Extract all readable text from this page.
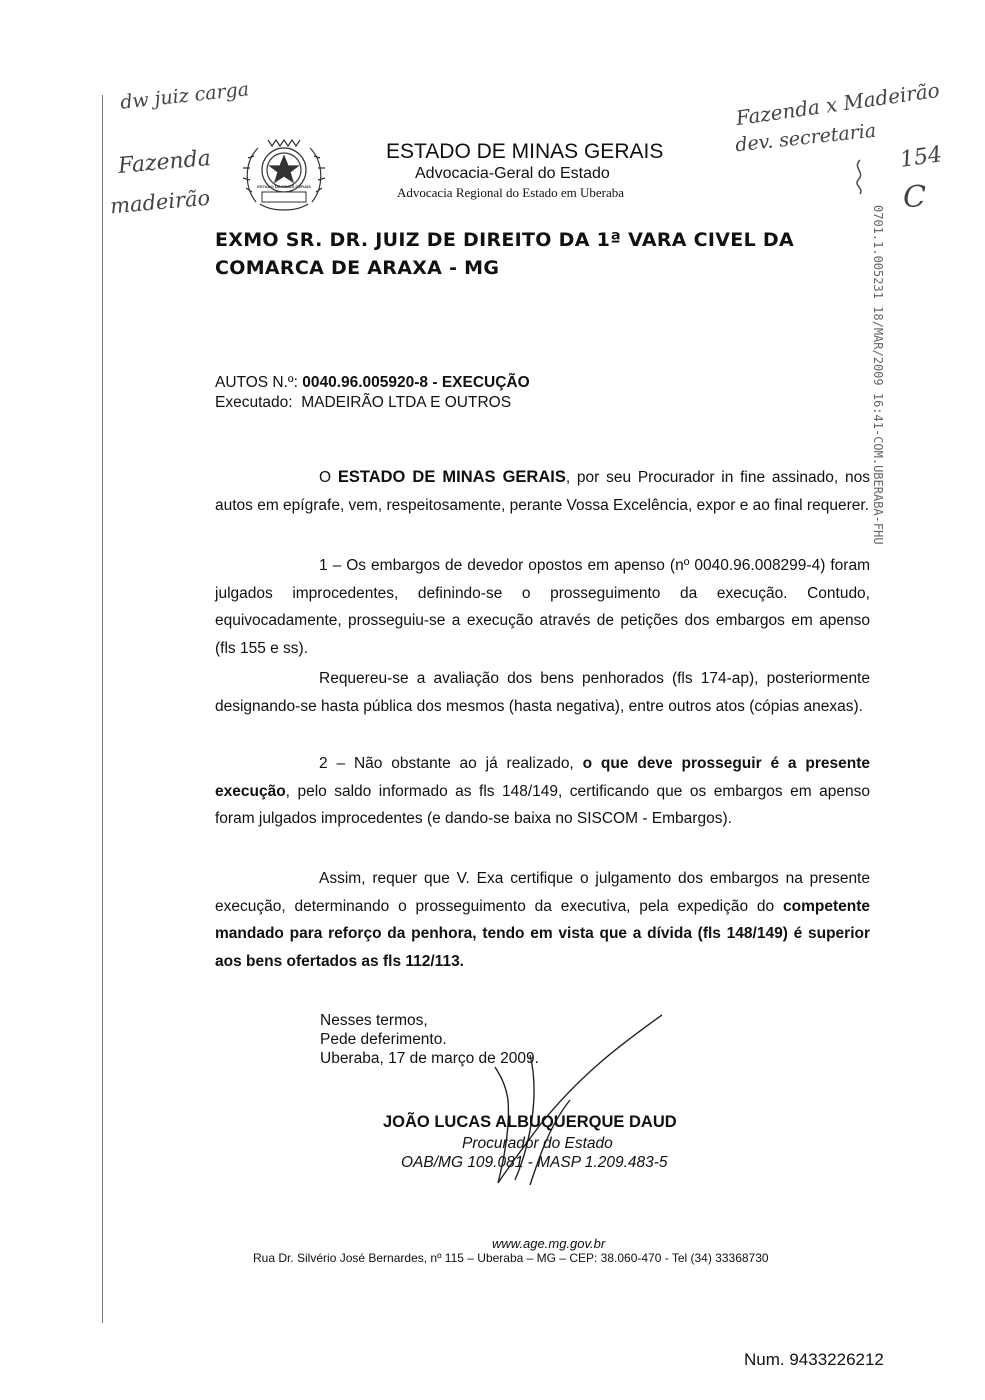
dw juiz carga
Fazenda
madeirão
Fazenda x Madeirão
dev. secretaria
154
C
ESTADO DE MINAS GERAIS
ESTADO DE MINAS GERAIS
Advocacia-Geral do Estado
Advocacia Regional do Estado em Uberaba
0701.1.005231 18/MAR/2009 16:41-COM.UBERABA-FHU
EXMO SR. DR. JUIZ DE DIREITO DA 1ª VARA CIVEL DA
COMARCA DE ARAXA - MG
AUTOS N.º: 0040.96.005920-8 - EXECUÇÃO
Executado: MADEIRÃO LTDA E OUTROS
O ESTADO DE MINAS GERAIS, por seu Procurador in fine assinado, nos autos em epígrafe, vem, respeitosamente, perante Vossa Excelência, expor e ao final requerer.
1 – Os embargos de devedor opostos em apenso (nº 0040.96.008299-4) foram julgados improcedentes, definindo-se o prosseguimento da execução. Contudo, equivocadamente, prosseguiu-se a execução através de petições dos embargos em apenso (fls 155 e ss).
Requereu-se a avaliação dos bens penhorados (fls 174-ap), posteriormente designando-se hasta pública dos mesmos (hasta negativa), entre outros atos (cópias anexas).
2 – Não obstante ao já realizado, o que deve prosseguir é a presente execução, pelo saldo informado as fls 148/149, certificando que os embargos em apenso foram julgados improcedentes (e dando-se baixa no SISCOM - Embargos).
Assim, requer que V. Exa certifique o julgamento dos embargos na presente execução, determinando o prosseguimento da executiva, pela expedição do competente mandado para reforço da penhora, tendo em vista que a dívida (fls 148/149) é superior aos bens ofertados as fls 112/113.
Nesses termos,
Pede deferimento.
Uberaba, 17 de março de 2009.
JOÃO LUCAS ALBUQUERQUE DAUD
Procurador do Estado
OAB/MG 109.081 - MASP 1.209.483-5
www.age.mg.gov.br
Rua Dr. Silvério José Bernardes, nº 115 – Uberaba – MG – CEP: 38.060-470 - Tel (34) 33368730
Num. 9433226212
